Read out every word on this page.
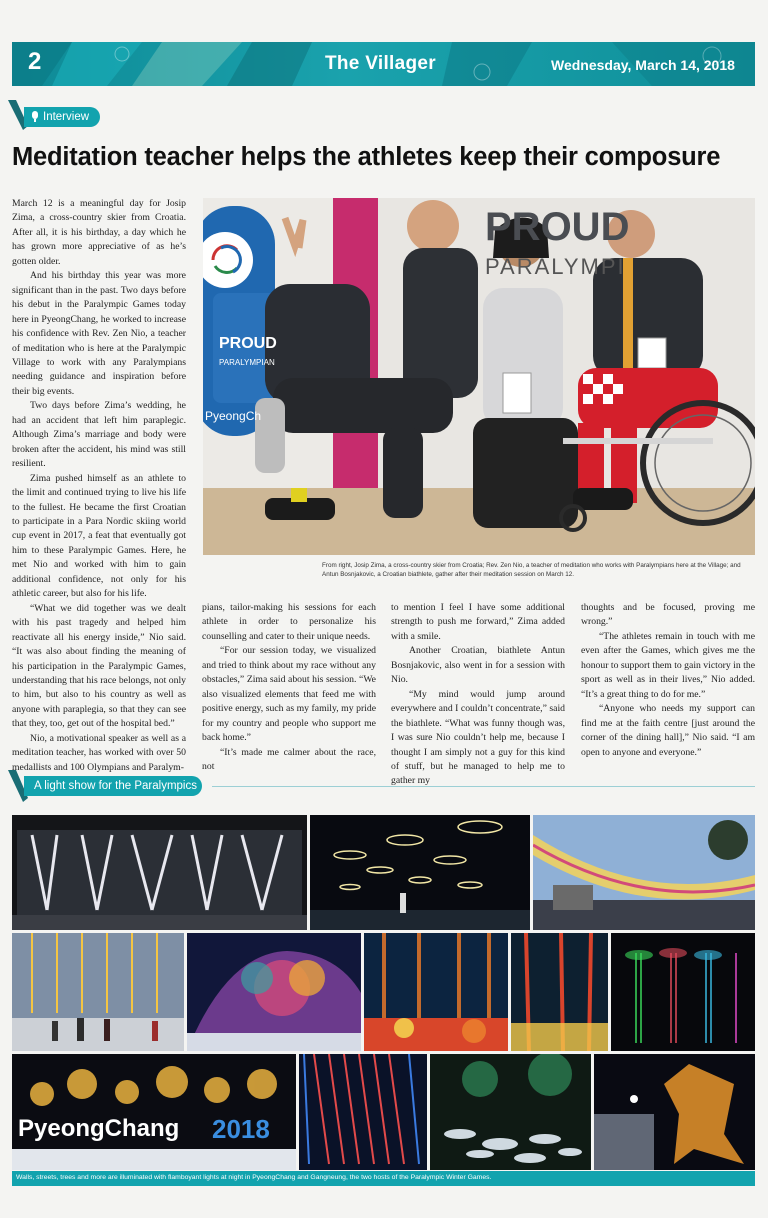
2	The Villager	Wednesday, March 14, 2018
Interview
Meditation teacher helps the athletes keep their composure

March 12 is a meaningful day for Josip Zima, a cross-country skier from Croatia. After all, it is his birthday, a day which he has grown more appreciative of as he’s gotten older.

And his birthday this year was more significant than in the past. Two days before his debut in the Paralympic Games today here in PyeongChang, he worked to increase his confidence with Rev. Zen Nio, a teacher of meditation who is here at the Paralympic Village to work with any Paralympians needing guidance and inspiration before their big events.

Two days before Zima’s wedding, he had an accident that left him paraplegic. Although Zima’s marriage and body were broken after the accident, his mind was still resilient.

Zima pushed himself as an athlete to the limit and continued trying to live his life to the fullest. He became the first Croatian to participate in a Para Nordic skiing world cup event in 2017, a feat that eventually got him to these Paralympic Games. Here, he met Nio and worked with him to gain additional confidence, not only for his athletic career, but also for his life.

“What we did together was we dealt with his past tragedy and helped him reactivate all his energy inside,” Nio said. “It was also about finding the meaning of his participation in the Paralympic Games, understanding that his race belongs, not only to him, but also to his country as well as anyone with paraplegia, so that they can see that they, too, get out of the hospital bed.”

Nio, a motivational speaker as well as a meditation teacher, has worked with over 50 medallists and 100 Olympians and Paralym-

pians, tailor-making his sessions for each athlete in order to personalize his counselling and cater to their unique needs.

“For our session today, we visualized and tried to think about my race without any obstacles,” Zima said about his session. “We also visualized elements that feed me with positive energy, such as my family, my pride for my country and people who support me back home.”

“It’s made me calmer about the race, not

to mention I feel I have some additional strength to push me forward,” Zima added with a smile.

Another Croatian, biathlete Antun Bosnjakovic, also went in for a session with Nio.

“My mind would jump around everywhere and I couldn’t concentrate,” said the biathlete. “What was funny though was, I was sure Nio couldn’t help me, because I thought I am simply not a guy for this kind of stuff, but he managed to help me to gather my

thoughts and be focused, proving me wrong.”

“The athletes remain in touch with me even after the Games, which gives me the honour to support them to gain victory in the sport as well as in their lives,” Nio added. “It’s a great thing to do for me.”

“Anyone who needs my support can find me at the faith centre [just around the corner of the dining hall],” Nio said. “I am open to anyone and everyone.”

PROUD
PARALYMPI
PROUD
PARALYMPIAN
PyeongCh
From right, Josip Zima, a cross-country skier from Croatia; Rev. Zen Nio, a teacher of meditation who works with Paralympians here at the Village; and Antun Bosnjakovic, a Croatian biathlete, gather after their meditation session on March 12.
A light show for the Paralympics
PyeongChang 2018
Walls, streets, trees and more are illuminated with flamboyant lights at night in PyeongChang and Gangneung, the two hosts of the Paralympic Winter Games.
